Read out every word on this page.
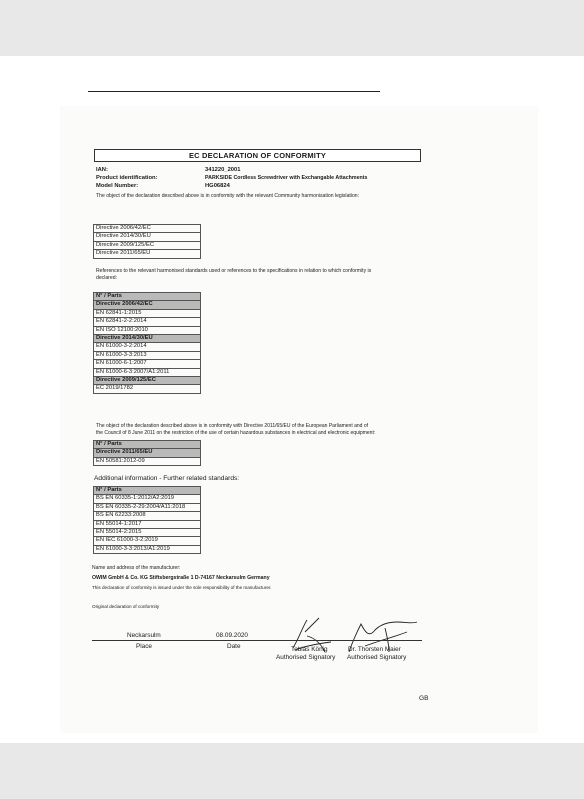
EC DECLARATION OF CONFORMITY
IAN:	341220_2001
Product identification:	PARKSIDE Cordless Screwdriver with Exchangable Attachments
Model Number:	HG06824
The object of the declaration described above is in conformity with the relevant Community harmonisation legislation:
Directive 2006/42/EC
Directive 2014/30/EU
Directive 2009/125/EC
Directive 2011/65/EU
References to the relevant harmonised standards used or references to the specifications in relation to which conformity is
declared:
N° / Parts
Directive 2006/42/EC
EN 62841-1:2015
EN 62841-2-2:2014
EN ISO 12100:2010
Directive 2014/30/EU
EN 61000-3-2:2014
EN 61000-3-3:2013
EN 61000-6-1:2007
EN 61000-6-3:2007/A1:2011
Directive 2009/125/EC
EC 2019/1782
The object of the declaration described above is in conformity with Directive 2011/65/EU of the European Parliament and of
the Council of 8 June 2011 on the restriction of the use of certain hazardous substances in electrical and electronic equipment:
N° / Parts
Directive 2011/65/EU
EN 50581:2012-09
Additional information - Further related standards:
N° / Parts
BS EN 60335-1:2012/A2:2019
BS EN 60335-2-29:2004/A11:2018
BS EN 62233:2008
EN 55014-1:2017
EN 55014-2:2015
EN IEC 61000-3-2:2019
EN 61000-3-3:2013/A1:2019
Name and address of the manufacturer:
OWIM GmbH & Co. KG Stiftsbergstraße 1 D-74167 Neckarsulm Germany
This declaration of conformity is issued under the sole responsibility of the manufacturer.
Original declaration of conformity
Neckarsulm
Place
08.09.2020
Date	Tobias König
Authorised Signatory
Dr. Thorsten Maier
Authorised Signatory
GB
